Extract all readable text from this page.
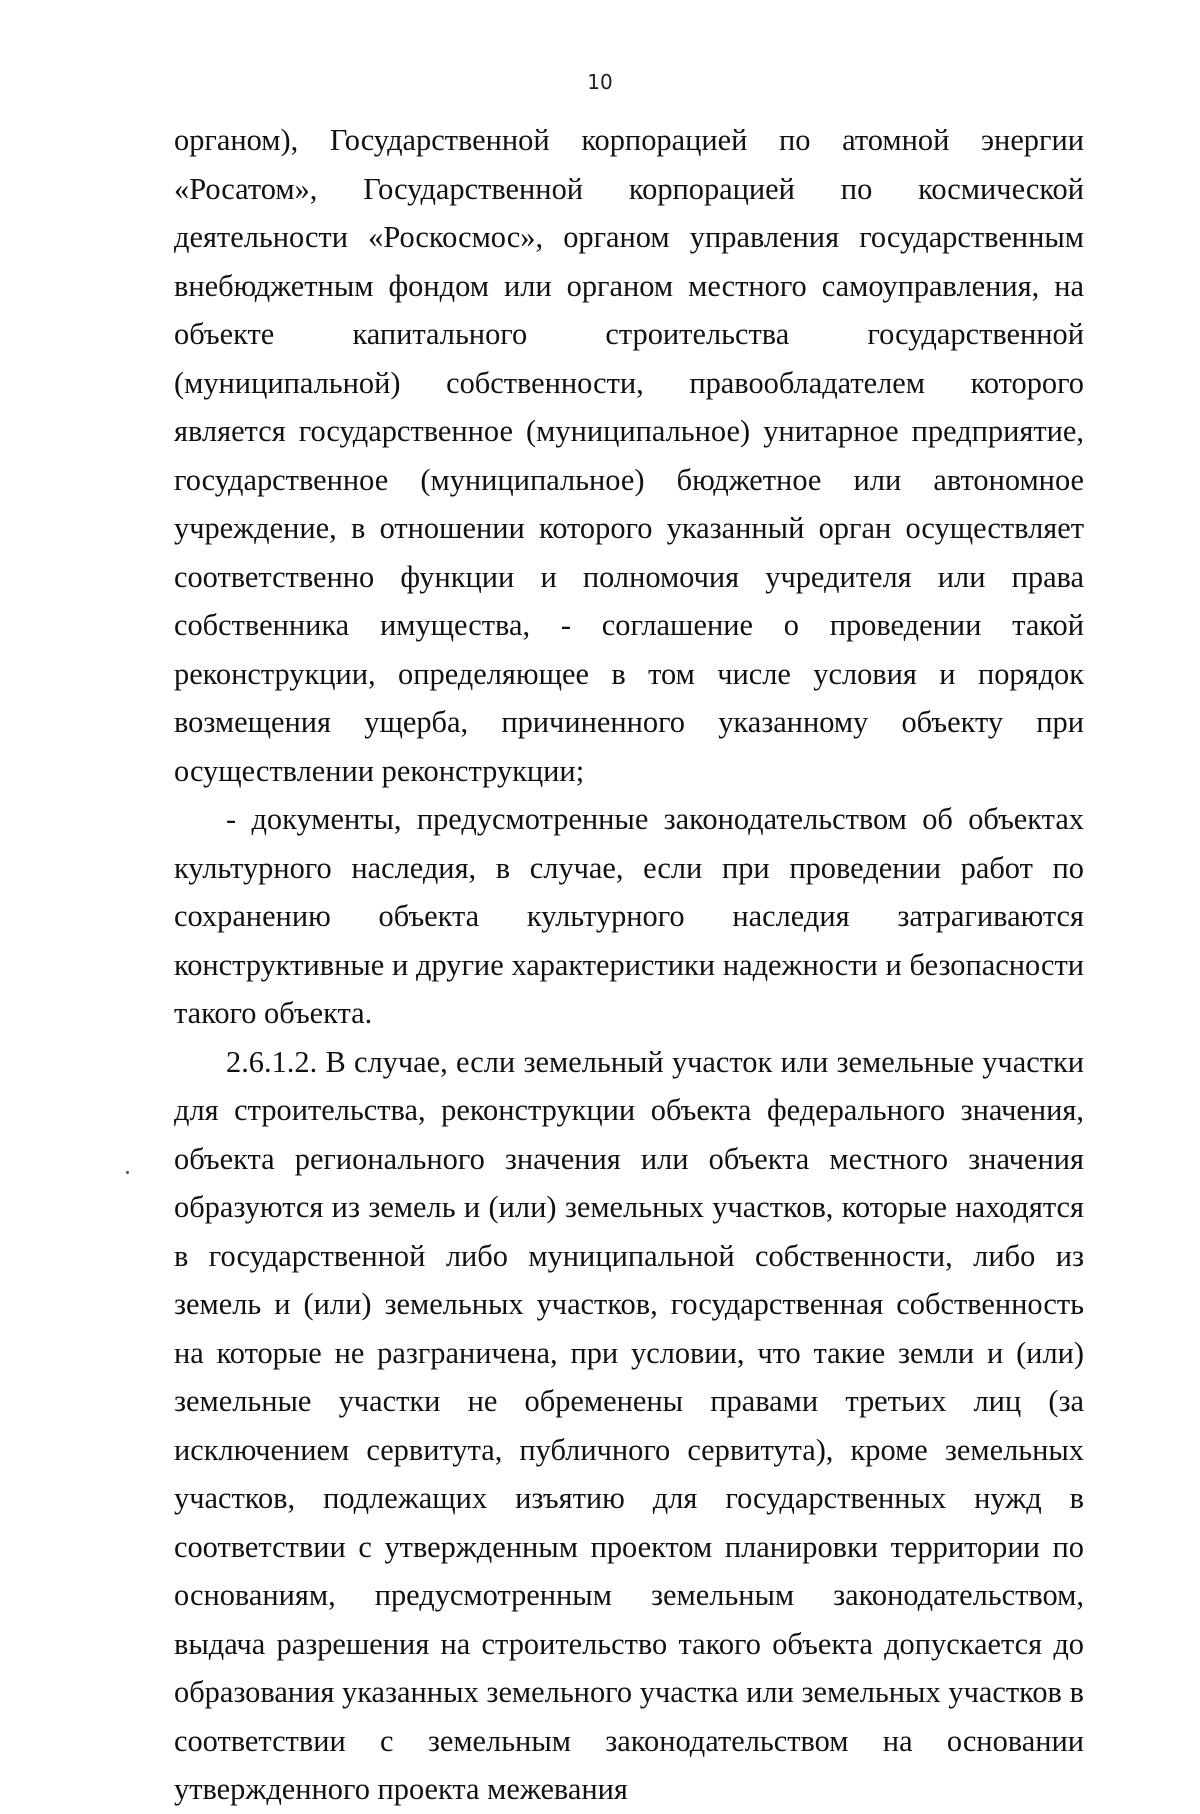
10

органом), Государственной корпорацией по атомной энергии «Росатом», Государственной корпорацией по космической деятельности «Роскосмос», органом управления государственным внебюджетным фондом или органом местного самоуправления, на объекте капитального строительства государственной (муниципальной) собственности, правообладателем которого является государственное (муниципальное) унитарное предприятие, государственное (муниципальное) бюджетное или автономное учреждение, в отношении которого указанный орган осуществляет соответственно функции и полномочия учредителя или права собственника имущества, - соглашение о проведении такой реконструкции, определяющее в том числе условия и порядок возмещения ущерба, причиненного указанному объекту при осуществлении реконструкции;

- документы, предусмотренные законодательством об объектах культурного наследия, в случае, если при проведении работ по сохранению объекта культурного наследия затрагиваются конструктивные и другие характеристики надежности и безопасности такого объекта.

2.6.1.2. В случае, если земельный участок или земельные участки для строительства, реконструкции объекта федерального значения, объекта регионального значения или объекта местного значения образуются из земель и (или) земельных участков, которые находятся в государственной либо муниципальной собственности, либо из земель и (или) земельных участков, государственная собственность на которые не разграничена, при условии, что такие земли и (или) земельные участки не обременены правами третьих лиц (за исключением сервитута, публичного сервитута), кроме земельных участков, подлежащих изъятию для государственных нужд в соответствии с утвержденным проектом планировки территории по основаниям, предусмотренным земельным законодательством, выдача разрешения на строительство такого объекта допускается до образования указанных земельного участка или земельных участков в соответствии с земельным законодательством на основании утвержденного проекта межевания
